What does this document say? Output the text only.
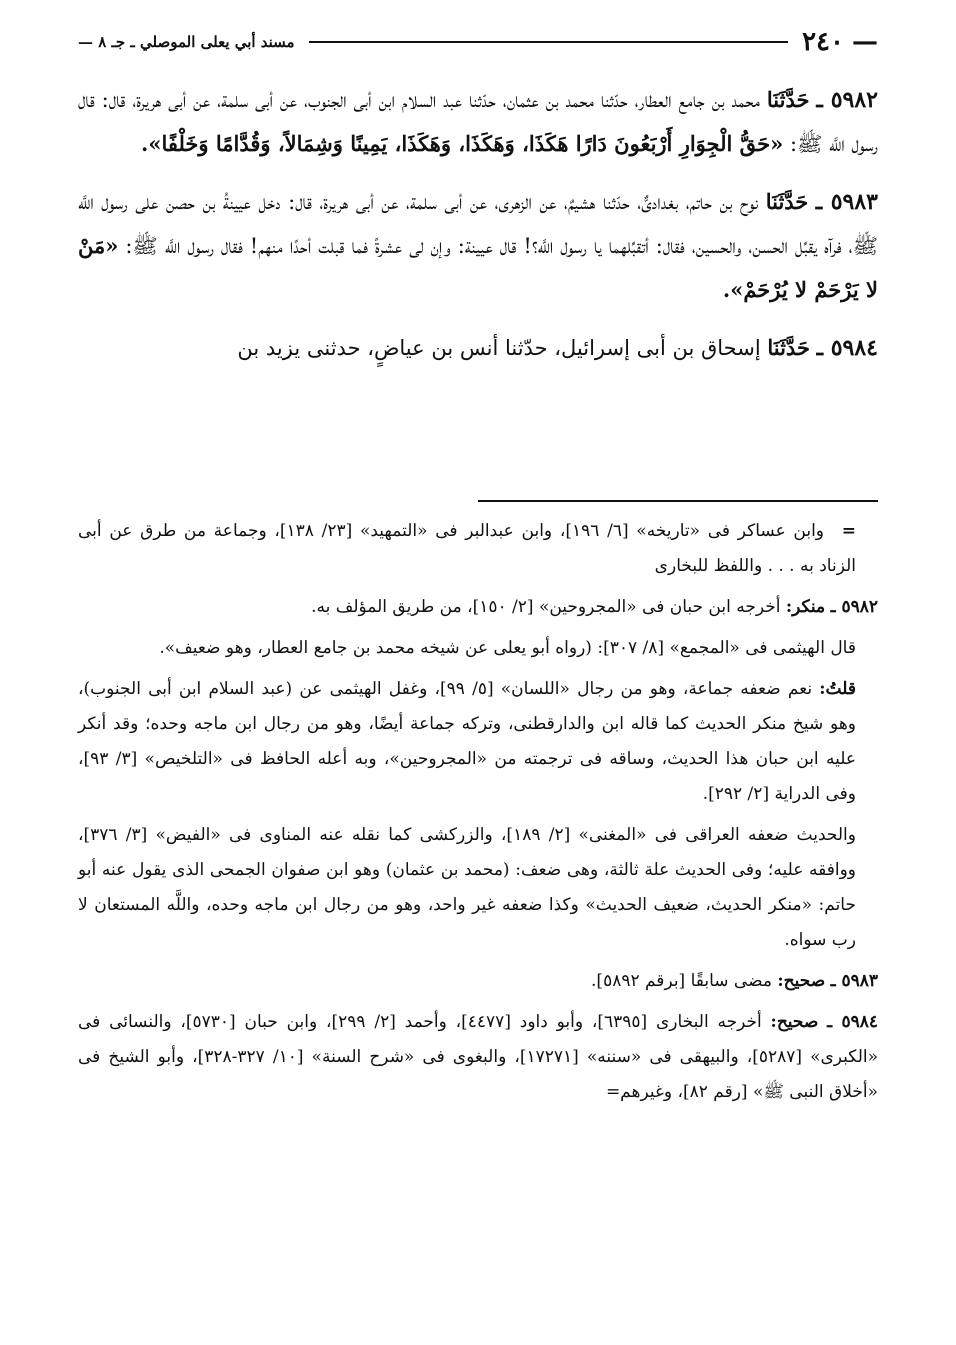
—
٢٤٠
مسند أبي يعلى الموصلي ـ جـ ٨ —

٥٩٨٢ ـ حَدَّثَنَا محمد بن جامع العطار، حدّثنا محمد بن عثمان، حدّثنا عبد السلام ابن أبى الجنوب، عن أبى سلمة، عن أبى هريرة، قال: قال رسول اللَّه ﷺ: «حَقُّ الْجِوَارِ أَرْبَعُونَ دَارًا هَكَذَا، وَهَكَذَا، وَهَكَذَا، يَمِينًا وَشِمَالاً، وَقُدَّامًا وَخَلْفًا».

٥٩٨٣ ـ حَدَّثَنَا نوح بن حاتم، بغدادىٌّ، حدّثنا هشيمٌ، عن الزهرى، عن أبى سلمة، عن أبى هريرة، قال: دخل عيينةُ بن حصن على رسول اللَّه ﷺ، فرآه يقبِّل الحسن، والحسين، فقال: أتقبِّلهما يا رسول اللَّه؟! قال عيينة: وإن لى عشرةً فما قبلت أحدًا منهم! فقال رسول اللَّه ﷺ: «مَنْ لا يَرْحَمْ لا يُرْحَمْ».

٥٩٨٤ ـ حَدَّثَنَا إسحاق بن أبى إسرائيل، حدّثنا أنس بن عياضٍ، حدثنى يزيد بن

= وابن عساكر فى «تاريخه» [٦/ ١٩٦]، وابن عبدالبر فى «التمهيد» [٢٣/ ١٣٨]، وجماعة من طرق عن أبى الزناد به . . . واللفظ للبخارى

٥٩٨٢ ـ منكر: أخرجه ابن حبان فى «المجروحين» [٢/ ١٥٠]، من طريق المؤلف به.

قال الهيثمى فى «المجمع» [٨/ ٣٠٧]: (رواه أبو يعلى عن شيخه محمد بن جامع العطار، وهو ضعيف».

قلتُ: نعم ضعفه جماعة، وهو من رجال «اللسان» [٥/ ٩٩]، وغفل الهيثمى عن (عبد السلام ابن أبى الجنوب)، وهو شيخ منكر الحديث كما قاله ابن والدارقطنى، وتركه جماعة أيضًا، وهو من رجال ابن ماجه وحده؛ وقد أنكر عليه ابن حبان هذا الحديث، وساقه فى ترجمته من «المجروحين»، وبه أعله الحافظ فى «التلخيص» [٣/ ٩٣]، وفى الدراية [٢/ ٢٩٢].

والحديث ضعفه العراقى فى «المغنى» [٢/ ١٨٩]، والزركشى كما نقله عنه المناوى فى «الفيض» [٣/ ٣٧٦]، ووافقه عليه؛ وفى الحديث علة ثالثة، وهى ضعف: (محمد بن عثمان) وهو ابن صفوان الجمحى الذى يقول عنه أبو حاتم: «منكر الحديث، ضعيف الحديث» وكذا ضعفه غير واحد، وهو من رجال ابن ماجه وحده، واللَّه المستعان لا رب سواه.

٥٩٨٣ ـ صحيح: مضى سابقًا [برقم ٥٨٩٢].

٥٩٨٤ ـ صحيح: أخرجه البخارى [٦٣٩٥]، وأبو داود [٤٤٧٧]، وأحمد [٢/ ٢٩٩]، وابن حبان [٥٧٣٠]، والنسائى فى «الكبرى» [٥٢٨٧]، والبيهقى فى «سننه» [١٧٢٧١]، والبغوى فى «شرح السنة» [١٠/ ٣٢٧-٣٢٨]، وأبو الشيخ فى «أخلاق النبى ﷺ» [رقم ٨٢]، وغيرهم=
